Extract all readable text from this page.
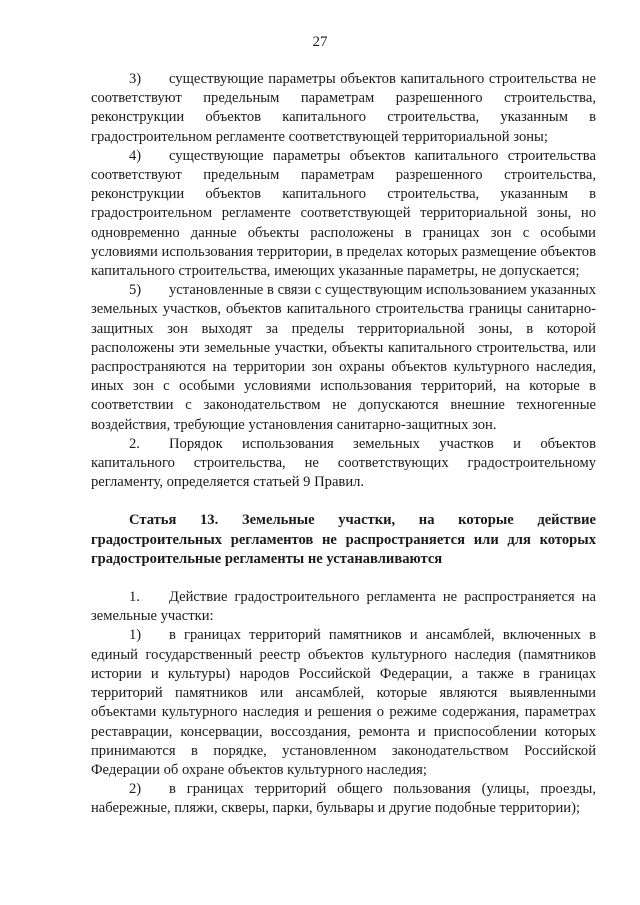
27

3) существующие параметры объектов капитального строительства не соответствуют предельным параметрам разрешенного строительства, реконструкции объектов капитального строительства, указанным в градостроительном регламенте соответствующей территориальной зоны;

4) существующие параметры объектов капитального строительства соответствуют предельным параметрам разрешенного строительства, реконструкции объектов капитального строительства, указанным в градостроительном регламенте соответствующей территориальной зоны, но одновременно данные объекты расположены в границах зон с особыми условиями использования территории, в пределах которых размещение объектов капитального строительства, имеющих указанные параметры, не допускается;

5) установленные в связи с существующим использованием указанных земельных участков, объектов капитального строительства границы санитарно-защитных зон выходят за пределы территориальной зоны, в которой расположены эти земельные участки, объекты капитального строительства, или распространяются на территории зон охраны объектов культурного наследия, иных зон с особыми условиями использования территорий, на которые в соответствии с законодательством не допускаются внешние техногенные воздействия, требующие установления санитарно-защитных зон.

2. Порядок использования земельных участков и объектов капитального строительства, не соответствующих градостроительному регламенту, определяется статьей 9 Правил.

Статья 13. Земельные участки, на которые действие градостроительных регламентов не распространяется или для которых градостроительные регламенты не устанавливаются

1. Действие градостроительного регламента не распространяется на земельные участки:

1) в границах территорий памятников и ансамблей, включенных в единый государственный реестр объектов культурного наследия (памятников истории и культуры) народов Российской Федерации, а также в границах территорий памятников или ансамблей, которые являются выявленными объектами культурного наследия и решения о режиме содержания, параметрах реставрации, консервации, воссоздания, ремонта и приспособлении которых принимаются в порядке, установленном законодательством Российской Федерации об охране объектов культурного наследия;

2) в границах территорий общего пользования (улицы, проезды, набережные, пляжи, скверы, парки, бульвары и другие подобные территории);
